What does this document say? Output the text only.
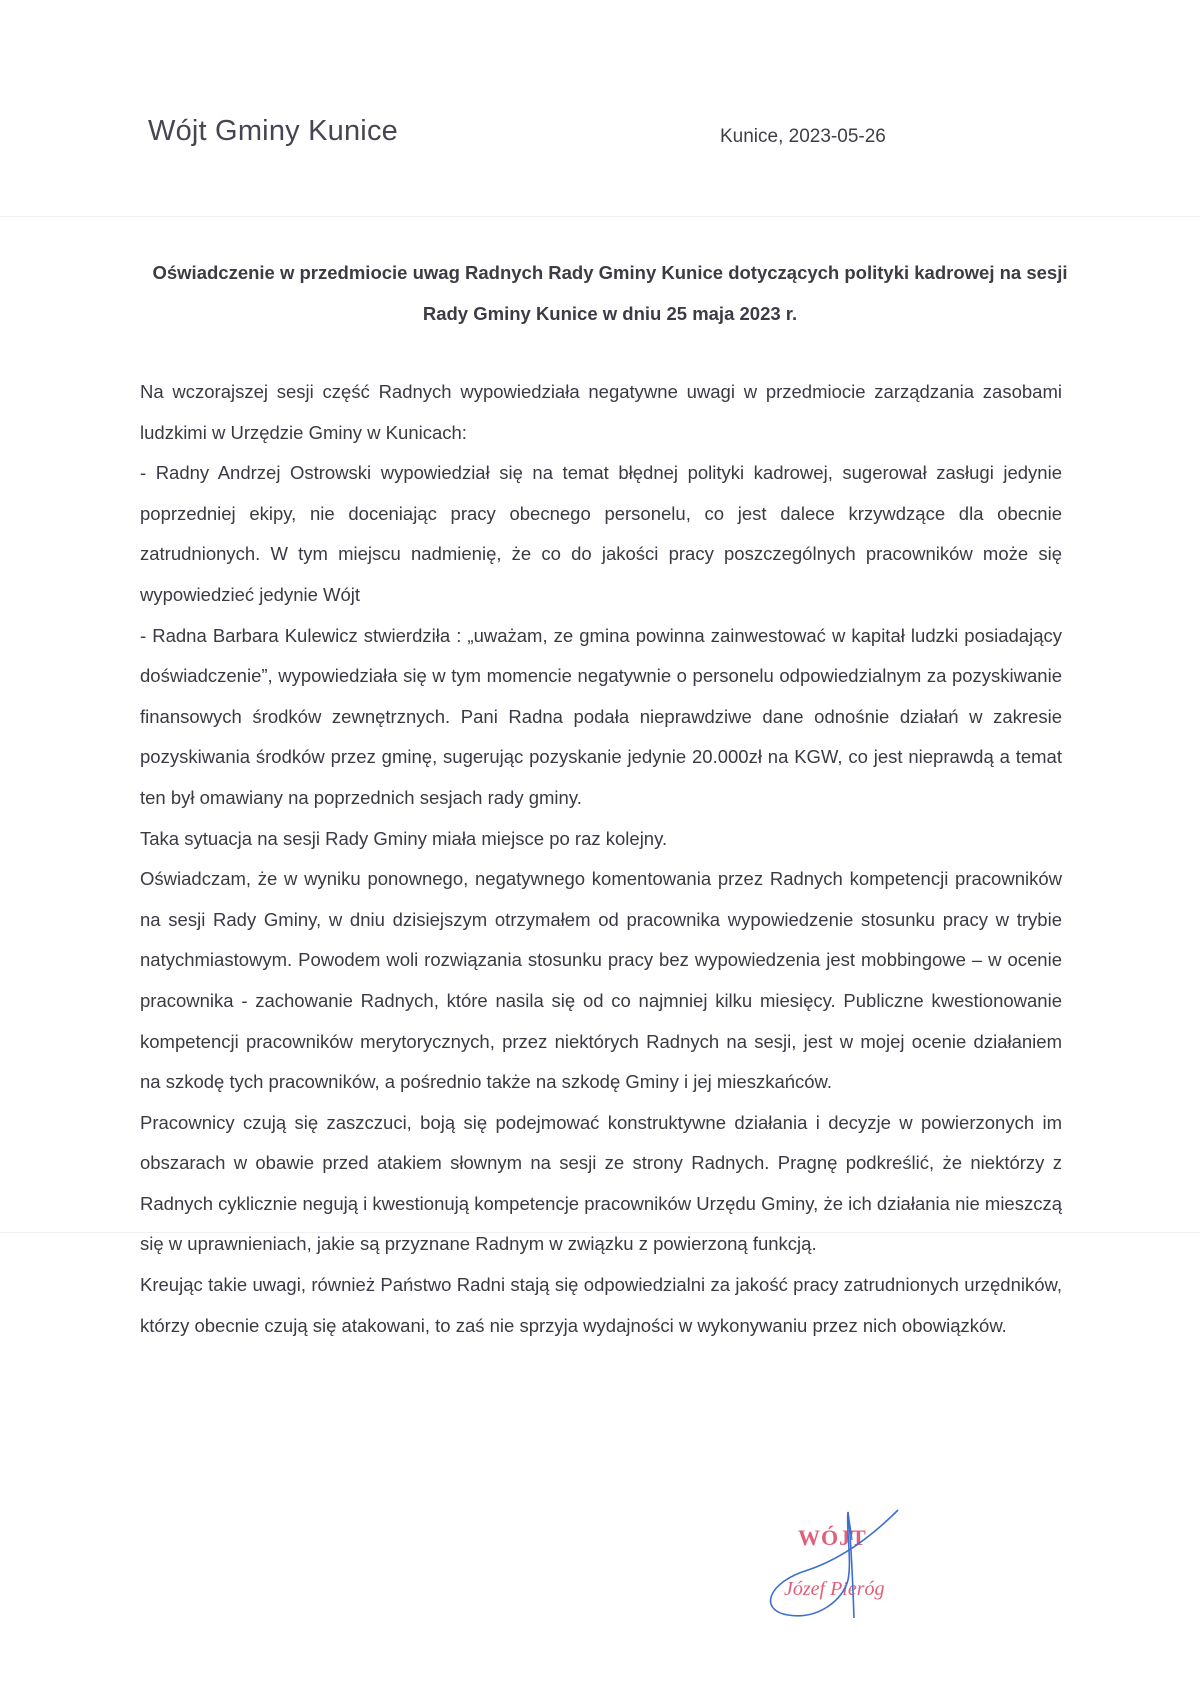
Wójt Gminy Kunice	Kunice, 2023-05-26
Oświadczenie w przedmiocie uwag Radnych Rady Gminy Kunice dotyczących polityki kadrowej na sesji Rady Gminy Kunice w dniu 25 maja 2023 r.

Na wczorajszej sesji część Radnych wypowiedziała negatywne uwagi w przedmiocie zarządzania zasobami ludzkimi w Urzędzie Gminy w Kunicach:

- Radny Andrzej Ostrowski wypowiedział się na temat błędnej polityki kadrowej, sugerował zasługi jedynie poprzedniej ekipy, nie doceniając pracy obecnego personelu, co jest dalece krzywdzące dla obecnie zatrudnionych. W tym miejscu nadmienię, że co do jakości pracy poszczególnych pracowników może się wypowiedzieć jedynie Wójt

- Radna Barbara Kulewicz stwierdziła : „uważam, ze gmina powinna zainwestować w kapitał ludzki posiadający doświadczenie”, wypowiedziała się w tym momencie negatywnie o personelu odpowiedzialnym za pozyskiwanie finansowych środków zewnętrznych. Pani Radna podała nieprawdziwe dane odnośnie działań w zakresie pozyskiwania środków przez gminę, sugerując pozyskanie jedynie 20.000zł na KGW, co jest nieprawdą a temat ten był omawiany na poprzednich sesjach rady gminy.

Taka sytuacja na sesji Rady Gminy miała miejsce po raz kolejny.

Oświadczam, że w wyniku ponownego, negatywnego komentowania przez Radnych kompetencji pracowników na sesji Rady Gminy, w dniu dzisiejszym otrzymałem od pracownika wypowiedzenie stosunku pracy w trybie natychmiastowym. Powodem woli rozwiązania stosunku pracy bez wypowiedzenia jest mobbingowe – w ocenie pracownika - zachowanie Radnych, które nasila się od co najmniej kilku miesięcy. Publiczne kwestionowanie kompetencji pracowników merytorycznych, przez niektórych Radnych na sesji, jest w mojej ocenie działaniem na szkodę tych pracowników, a pośrednio także na szkodę Gminy i jej mieszkańców.

Pracownicy czują się zaszczuci, boją się podejmować konstruktywne działania i decyzje w powierzonych im obszarach w obawie przed atakiem słownym na sesji ze strony Radnych. Pragnę podkreślić, że niektórzy z Radnych cyklicznie negują i kwestionują kompetencje pracowników Urzędu Gminy, że ich działania nie mieszczą się w uprawnieniach, jakie są przyznane Radnym w związku z powierzoną funkcją.

Kreując takie uwagi, również Państwo Radni stają się odpowiedzialni za jakość pracy zatrudnionych urzędników, którzy obecnie czują się atakowani, to zaś nie sprzyja wydajności w wykonywaniu przez nich obowiązków.

WÓJT
Józef Pieróg
